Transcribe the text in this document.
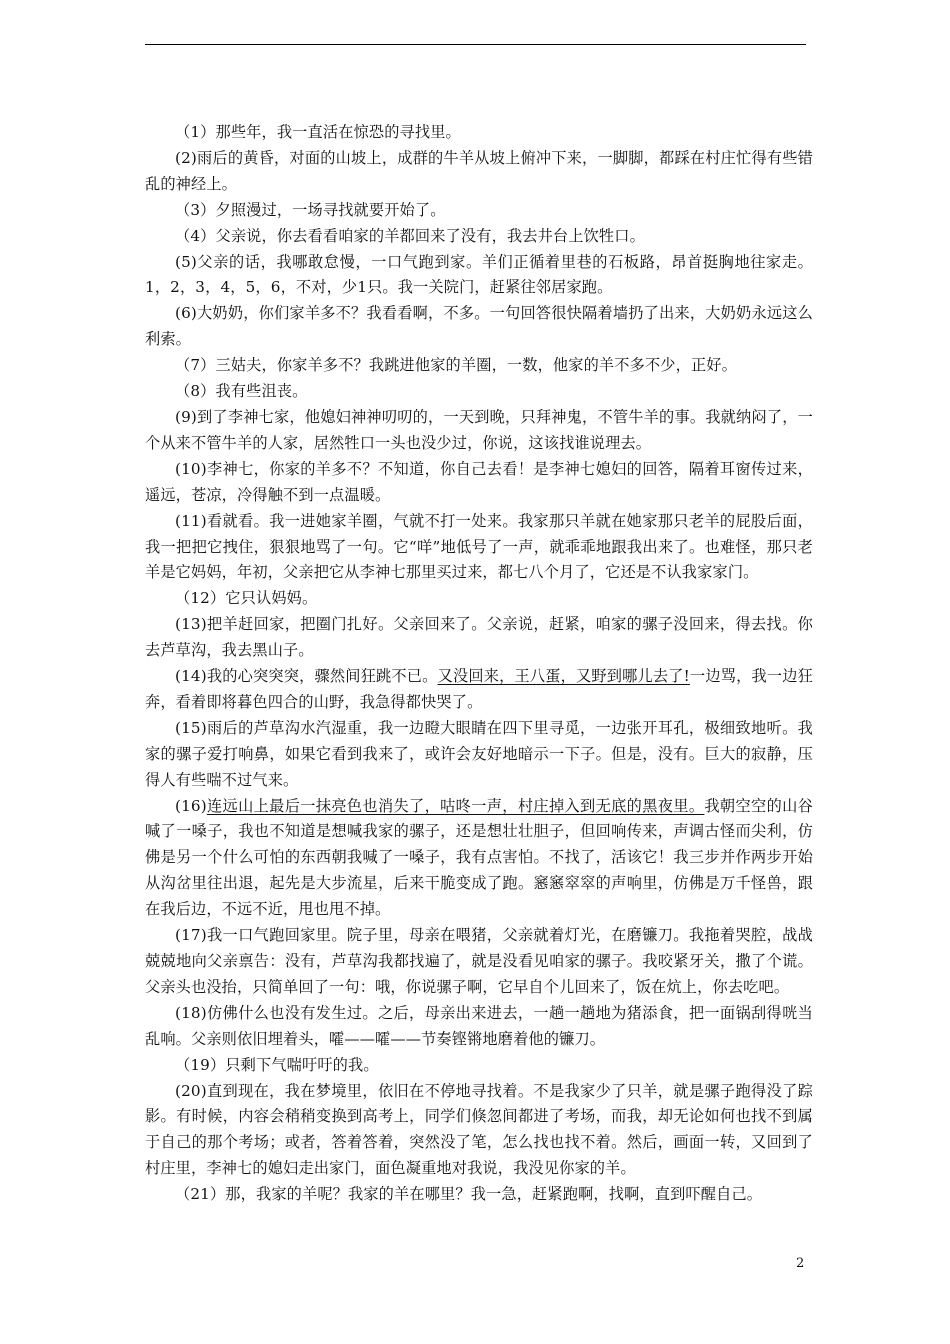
（1）那些年，我一直活在惊恐的寻找里。

(2)雨后的黄昏，对面的山坡上，成群的牛羊从坡上俯冲下来，一脚脚，都踩在村庄忙得有些错乱的神经上。

（3）夕照漫过，一场寻找就要开始了。

（4）父亲说，你去看看咱家的羊都回来了没有，我去井台上饮牲口。

(5)父亲的话，我哪敢怠慢，一口气跑到家。羊们正循着里巷的石板路，昂首挺胸地往家走。1，2，3，4，5，6，不对，少1只。我一关院门，赶紧往邻居家跑。

(6)大奶奶，你们家羊多不？我看看啊，不多。一句回答很快隔着墙扔了出来，大奶奶永远这么利索。

（7）三姑夫，你家羊多不？我跳进他家的羊圈，一数，他家的羊不多不少，正好。

（8）我有些沮丧。

(9)到了李神七家，他媳妇神神叨叨的，一天到晚，只拜神鬼，不管牛羊的事。我就纳闷了，一个从来不管牛羊的人家，居然牲口一头也没少过，你说，这该找谁说理去。

(10)李神七，你家的羊多不？不知道，你自己去看！是李神七媳妇的回答，隔着耳窗传过来，遥远，苍凉，冷得触不到一点温暖。

(11)看就看。我一进她家羊圈，气就不打一处来。我家那只羊就在她家那只老羊的屁股后面，我一把把它拽住，狠狠地骂了一句。它“咩”地低号了一声，就乖乖地跟我出来了。也难怪，那只老羊是它妈妈，年初，父亲把它从李神七那里买过来，都七八个月了，它还是不认我家家门。

（12）它只认妈妈。

(13)把羊赶回家，把圈门扎好。父亲回来了。父亲说，赶紧，咱家的骡子没回来，得去找。你去芦草沟，我去黑山子。

(14)我的心突突突，骤然间狂跳不已。又没回来，王八蛋，又野到哪儿去了!一边骂，我一边狂奔，看着即将暮色四合的山野，我急得都快哭了。

(15)雨后的芦草沟水汽湿重，我一边瞪大眼睛在四下里寻觅，一边张开耳孔，极细致地听。我家的骡子爱打响鼻，如果它看到我来了，或许会友好地暗示一下子。但是，没有。巨大的寂静，压得人有些喘不过气来。

(16)连远山上最后一抹亮色也消失了，咕咚一声，村庄掉入到无底的黑夜里。我朝空空的山谷喊了一嗓子，我也不知道是想喊我家的骡子，还是想壮壮胆子，但回响传来，声调古怪而尖利，仿佛是另一个什么可怕的东西朝我喊了一嗓子，我有点害怕。不找了，活该它！我三步并作两步开始从沟岔里往出退，起先是大步流星，后来干脆变成了跑。窸窸窣窣的声响里，仿佛是万千怪兽，跟在我后边，不远不近，甩也甩不掉。

(17)我一口气跑回家里。院子里，母亲在喂猪，父亲就着灯光，在磨镰刀。我拖着哭腔，战战兢兢地向父亲禀告：没有，芦草沟我都找遍了，就是没看见咱家的骡子。我咬紧牙关，撒了个谎。父亲头也没抬，只简单回了一句：哦，你说骡子啊，它早自个儿回来了，饭在炕上，你去吃吧。

(18)仿佛什么也没有发生过。之后，母亲出来进去，一趟一趟地为猪添食，把一面锅刮得咣当乱响。父亲则依旧埋着头，嚯——嚯——节奏铿锵地磨着他的镰刀。

（19）只剩下气喘吁吁的我。

(20)直到现在，我在梦境里，依旧在不停地寻找着。不是我家少了只羊，就是骡子跑得没了踪影。有时候，内容会稍稍变换到高考上，同学们倏忽间都进了考场，而我，却无论如何也找不到属于自己的那个考场；或者，答着答着，突然没了笔，怎么找也找不着。然后，画面一转，又回到了村庄里，李神七的媳妇走出家门，面色凝重地对我说，我没见你家的羊。

（21）那，我家的羊呢？我家的羊在哪里？我一急，赶紧跑啊，找啊，直到吓醒自己。

2
